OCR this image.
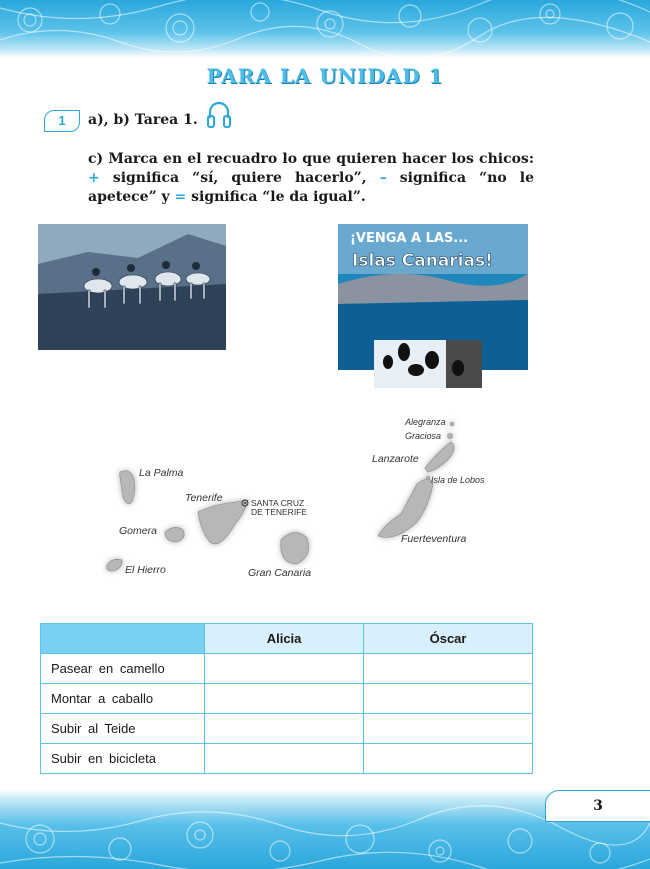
PARA LA UNIDAD 1
1	a), b) Tarea 1.
c) Marca en el recuadro lo que quieren hacer los chicos: + significa “sí, quiere hacerlo”, – significa “no le apetece” y = significa “le da igual”.
¡VENGA A LAS...
Islas Canarias!
Alegranza
Graciosa
Lanzarote
Isla de Lobos
La Palma
Tenerife	SANTA CRUZ
DE TENERIFE
Gomera
Fuerteventura
El Hierro	Gran Canaria
	Alicia	Óscar
Pasear en camello		
Montar a caballo		
Subir al Teide		
Subir en bicicleta		
3
